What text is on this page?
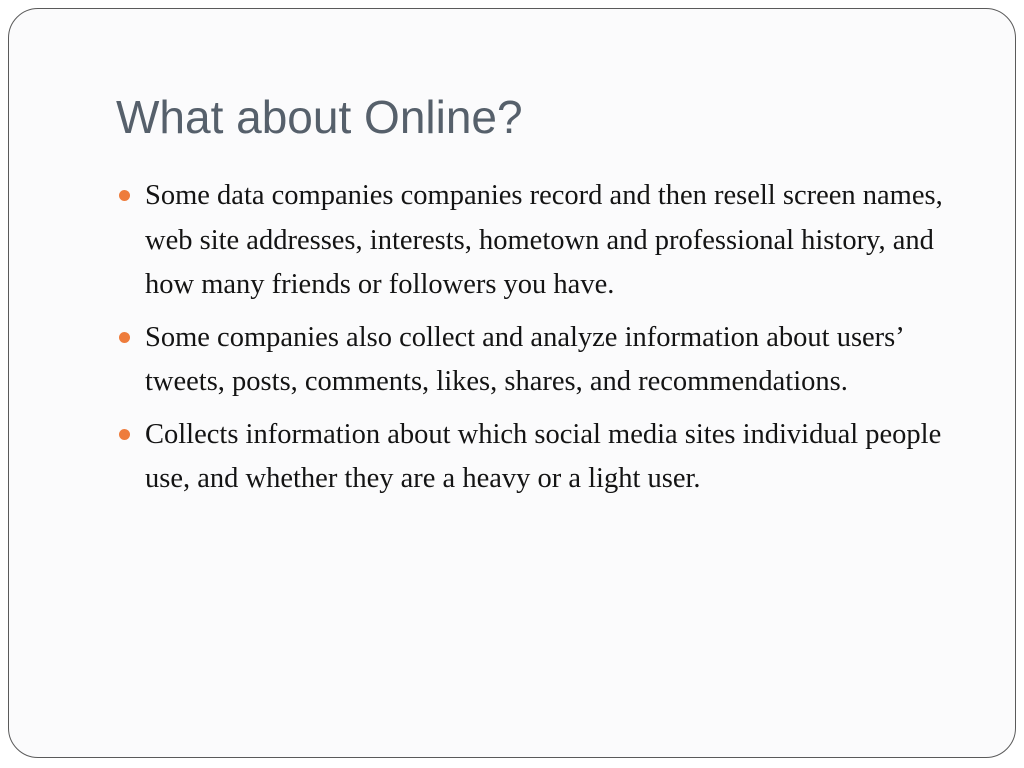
What about Online?
Some data companies companies record and then resell screen names, web site addresses, interests, hometown and professional history, and how many friends or followers you have.
Some companies also collect and analyze information about users’ tweets, posts, comments, likes, shares, and recommendations.
Collects information about which social media sites individual people use, and whether they are a heavy or a light user.
